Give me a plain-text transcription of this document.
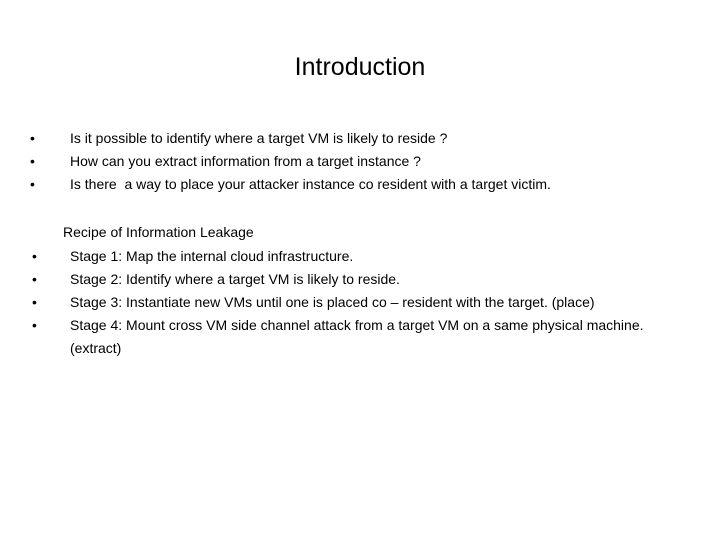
Introduction
•	Is it possible to identify where a target VM is likely to reside ?
•	How can you extract information from a target instance ?
•	Is there  a way to place your attacker instance co resident with a target victim.
Recipe of Information Leakage
• Stage 1: Map the internal cloud infrastructure.
• Stage 2: Identify where a target VM is likely to reside.
• Stage 3: Instantiate new VMs until one is placed co – resident with the target. (place)
• Stage 4: Mount cross VM side channel attack from a target VM on a same physical machine.(extract)
